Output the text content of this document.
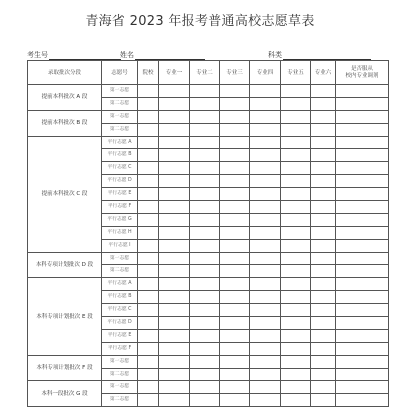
青海省 2023 年报考普通高校志愿草表
考生号	姓名	科类
录取批次分段	志愿号	院校	专业一	专业二	专业三	专业四	专业五	专业六	是否服从
校内专业调剂
提前本科批次 A 段	第一志愿								
	第二志愿								
提前本科批次 B 段	第一志愿								
	第二志愿								
提前本科批次 C 段	平行志愿 A								
	平行志愿 B								
	平行志愿 C								
	平行志愿 D								
	平行志愿 E								
	平行志愿 F								
	平行志愿 G								
	平行志愿 H								
	平行志愿 I								
本科专项计划批次 D 段	第一志愿								
	第二志愿								
本科专项计划批次 E 段	平行志愿 A								
	平行志愿 B								
	平行志愿 C								
	平行志愿 D								
	平行志愿 E								
	平行志愿 F								
本科专项计划批次 F 段	第一志愿								
	第二志愿								
本科一段批次 G 段	第一志愿								
	第二志愿								
